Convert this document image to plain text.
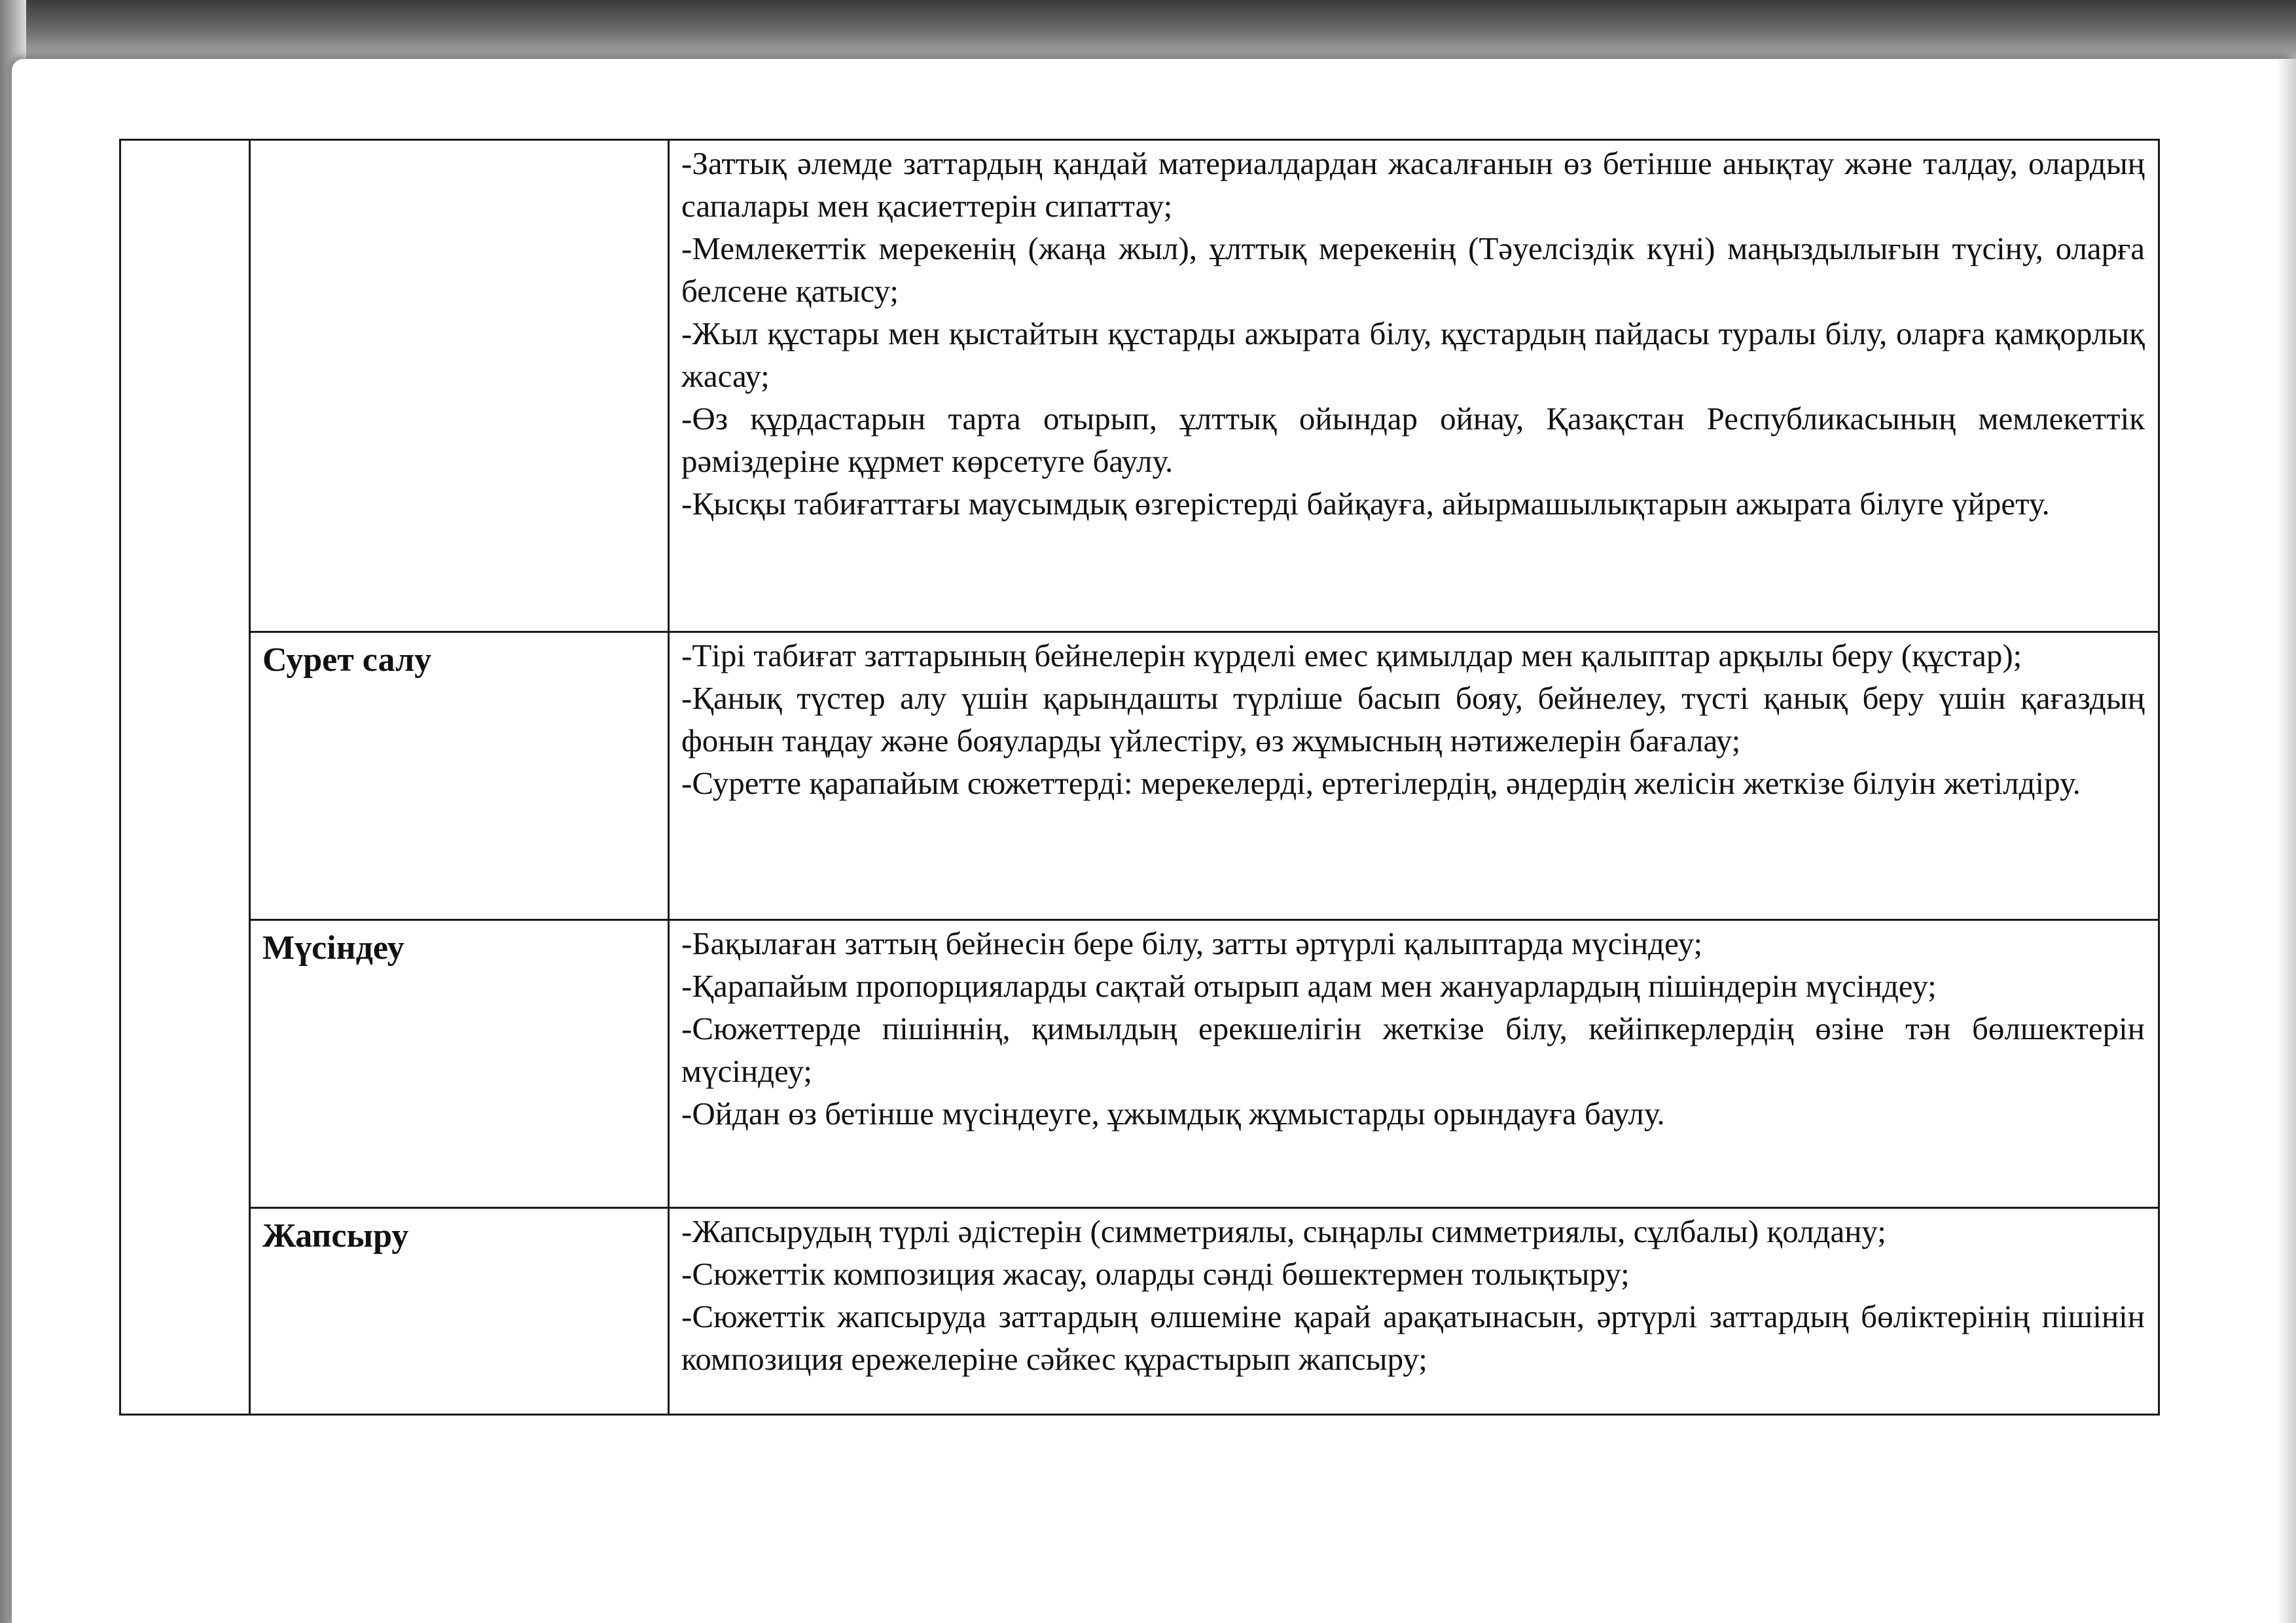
		-Заттық әлемде заттардың қандай материалдардан жасалғанын өз бетінше анықтау және талдау, олардың сапалары мен қасиеттерін сипаттау;

-Мемлекеттік мерекенің (жаңа жыл), ұлттық мерекенің (Тәуелсіздік күні) маңыздылығын түсіну, оларға белсене қатысу;

-Жыл құстары мен қыстайтын құстарды ажырата білу, құстардың пайдасы туралы білу, оларға қамқорлық жасау;

-Өз құрдастарын тарта отырып, ұлттық ойындар ойнау, Қазақстан Республикасының мемлекеттік рәміздеріне құрмет көрсетуге баулу.

-Қысқы табиғаттағы маусымдық өзгерістерді байқауға, айырмашылықтарын ажырата білуге үйрету.

	Сурет салу	-Тірі табиғат заттарының бейнелерін күрделі емес қимылдар мен қалыптар арқылы беру (құстар);

-Қанық түстер алу үшін қарындашты түрліше басып бояу, бейнелеу, түсті қанық беру үшін қағаздың фонын таңдау және бояуларды үйлестіру, өз жұмысның нәтижелерін бағалау;

-Суретте қарапайым сюжеттерді: мерекелерді, ертегілердің, әндердің желісін жеткізе білуін жетілдіру.

	Мүсіндеу	-Бақылаған заттың бейнесін бере білу, затты әртүрлі қалыптарда мүсіндеу;

-Қарапайым пропорцияларды сақтай отырып адам мен жануарлардың пішіндерін мүсіндеу;

-Сюжеттерде пішіннің, қимылдың ерекшелігін жеткізе білу, кейіпкерлердің өзіне тән бөлшектерін мүсіндеу;

-Ойдан өз бетінше мүсіндеуге, ұжымдық жұмыстарды орындауға баулу.

	Жапсыру	-Жапсырудың түрлі әдістерін (симметриялы, сыңарлы симметриялы, сұлбалы) қолдану;

-Сюжеттік композиция жасау, оларды сәнді бөшектермен толықтыру;

-Сюжеттік жапсыруда заттардың өлшеміне қарай арақатынасын, әртүрлі заттардың бөліктерінің пішінін композиция ережелеріне сәйкес құрастырып жапсыру;
